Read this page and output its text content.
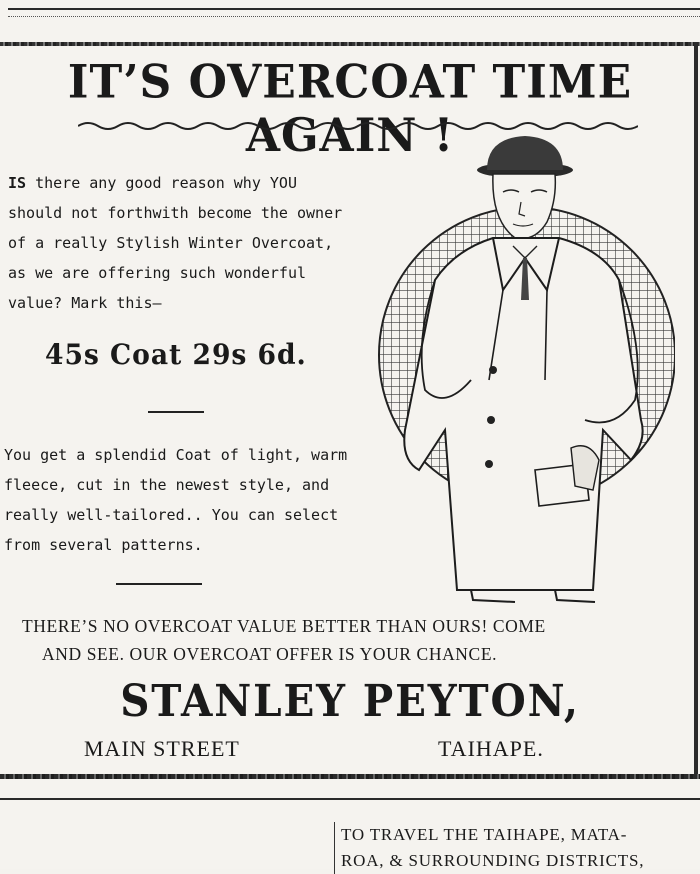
IT’S OVERCOAT TIME AGAIN !
IS there any good reason why YOU should not forthwith become the owner of a really Stylish Winter Overcoat, as we are offering such wonderful value? Mark this—
45s Coat 29s 6d.
You get a splendid Coat of light, warm fleece, cut in the newest style, and really well-tailored.. You can select from several patterns.
THERE’S NO OVERCOAT VALUE BETTER THAN OURS! COME
AND SEE. OUR OVERCOAT OFFER IS YOUR CHANCE.
STANLEY PEYTON,
MAIN STREET	TAIHAPE.
TO TRAVEL THE TAIHAPE, MATA-
ROA, & SURROUNDING DISTRICTS,
